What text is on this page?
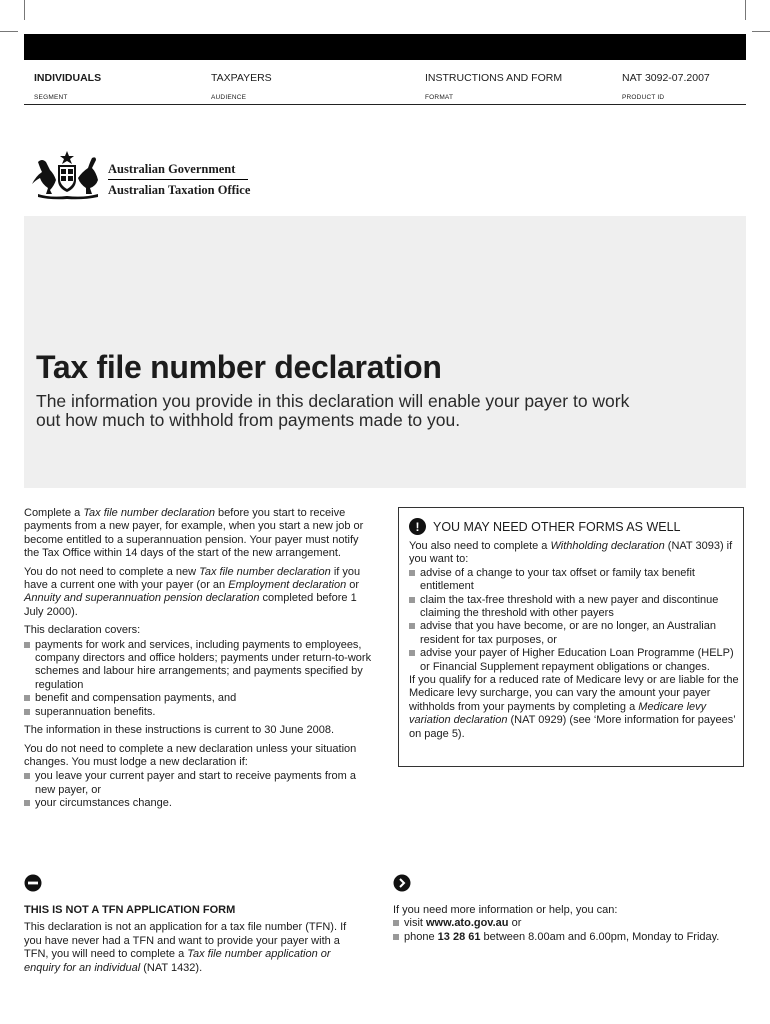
INDIVIDUALS
SEGMENT
TAXPAYERS
AUDIENCE
INSTRUCTIONS AND FORM
FORMAT
NAT 3092-07.2007
PRODUCT ID
Australian Government
Australian Taxation Office
Tax file number declaration

The information you provide in this declaration will enable your payer to work out how much to withhold from payments made to you.

Complete a Tax file number declaration before you start to receive payments from a new payer, for example, when you start a new job or become entitled to a superannuation pension. Your payer must notify the Tax Office within 14 days of the start of the new arrangement.

You do not need to complete a new Tax file number declaration if you have a current one with your payer (or an Employment declaration or Annuity and superannuation pension declaration completed before 1 July 2000).

This declaration covers:

payments for work and services, including payments to employees, company directors and office holders; payments under return-to-work schemes and labour hire arrangements; and payments specified by regulation
benefit and compensation payments, and
superannuation benefits.

The information in these instructions is current to 30 June 2008.

You do not need to complete a new declaration unless your situation changes. You must lodge a new declaration if:

you leave your current payer and start to receive payments from a new payer, or
your circumstances change.
!	YOU MAY NEED OTHER FORMS AS WELL

You also need to complete a Withholding declaration (NAT 3093) if you want to:

advise of a change to your tax offset or family tax benefit entitlement
claim the tax-free threshold with a new payer and discontinue claiming the threshold with other payers
advise that you have become, or are no longer, an Australian resident for tax purposes, or
advise your payer of Higher Education Loan Programme (HELP) or Financial Supplement repayment obligations or changes.

If you qualify for a reduced rate of Medicare levy or are liable for the Medicare levy surcharge, you can vary the amount your payer withholds from your payments by completing a Medicare levy variation declaration (NAT 0929) (see ‘More information for payees’ on page 5).

THIS IS NOT A TFN APPLICATION FORM

This declaration is not an application for a tax file number (TFN). If you have never had a TFN and want to provide your payer with a TFN, you will need to complete a Tax file number application or enquiry for an individual (NAT 1432).

If you need more information or help, you can:

visit www.ato.gov.au or
phone 13 28 61 between 8.00am and 6.00pm, Monday to Friday.
